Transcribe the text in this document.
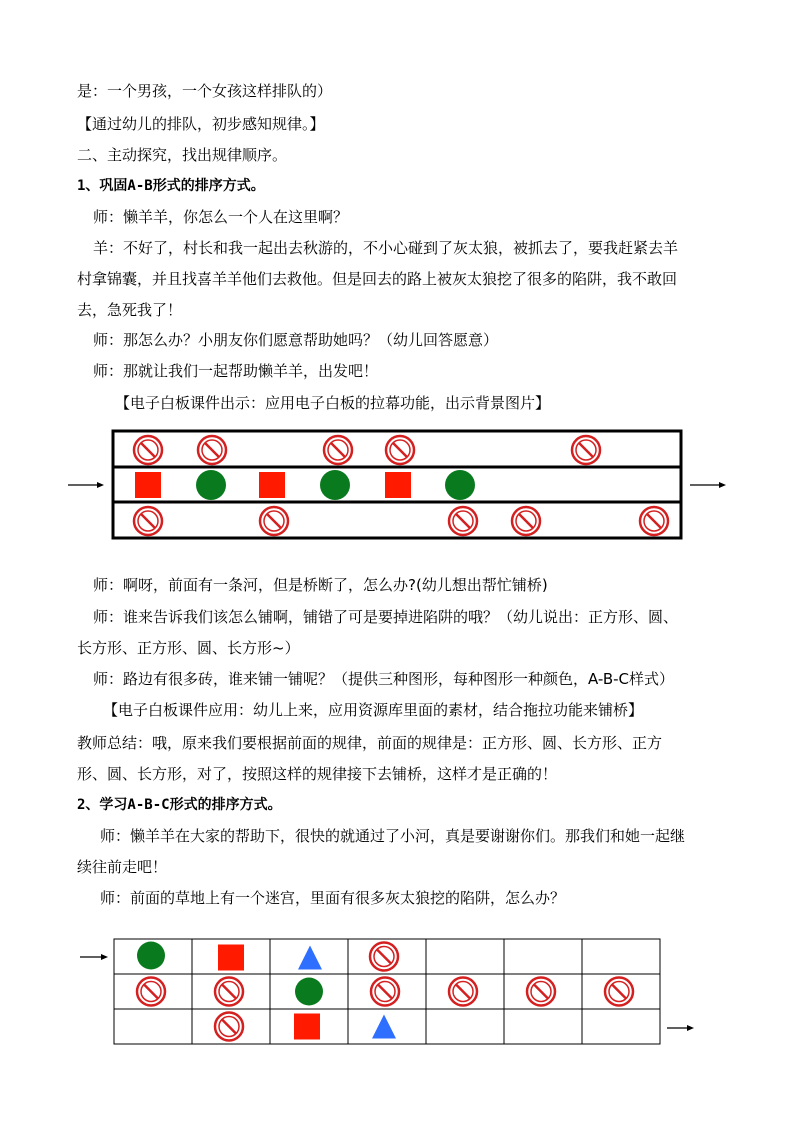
是：一个男孩，一个女孩这样排队的）
【通过幼儿的排队，初步感知规律。】
二、主动探究，找出规律顺序。
1、巩固A-B形式的排序方式。
师：懒羊羊，你怎么一个人在这里啊？
羊：不好了，村长和我一起出去秋游的，不小心碰到了灰太狼，被抓去了，要我赶紧去羊
村拿锦囊，并且找喜羊羊他们去救他。但是回去的路上被灰太狼挖了很多的陷阱，我不敢回
去，急死我了！
师：那怎么办？小朋友你们愿意帮助她吗？（幼儿回答愿意）
师：那就让我们一起帮助懒羊羊，出发吧！
【电子白板课件出示：应用电子白板的拉幕功能，出示背景图片】
师：啊呀，前面有一条河，但是桥断了，怎么办?(幼儿想出帮忙铺桥)
师：谁来告诉我们该怎么铺啊，铺错了可是要掉进陷阱的哦？（幼儿说出：正方形、圆、
长方形、正方形、圆、长方形~）
师：路边有很多砖，谁来铺一铺呢？（提供三种图形，每种图形一种颜色，A-B-C样式）
【电子白板课件应用：幼儿上来，应用资源库里面的素材，结合拖拉功能来铺桥】
教师总结：哦，原来我们要根据前面的规律，前面的规律是：正方形、圆、长方形、正方
形、圆、长方形，对了，按照这样的规律接下去铺桥，这样才是正确的！
2、学习A-B-C形式的排序方式。
师：懒羊羊在大家的帮助下，很快的就通过了小河，真是要谢谢你们。那我们和她一起继
续往前走吧！
师：前面的草地上有一个迷宫，里面有很多灰太狼挖的陷阱，怎么办？
